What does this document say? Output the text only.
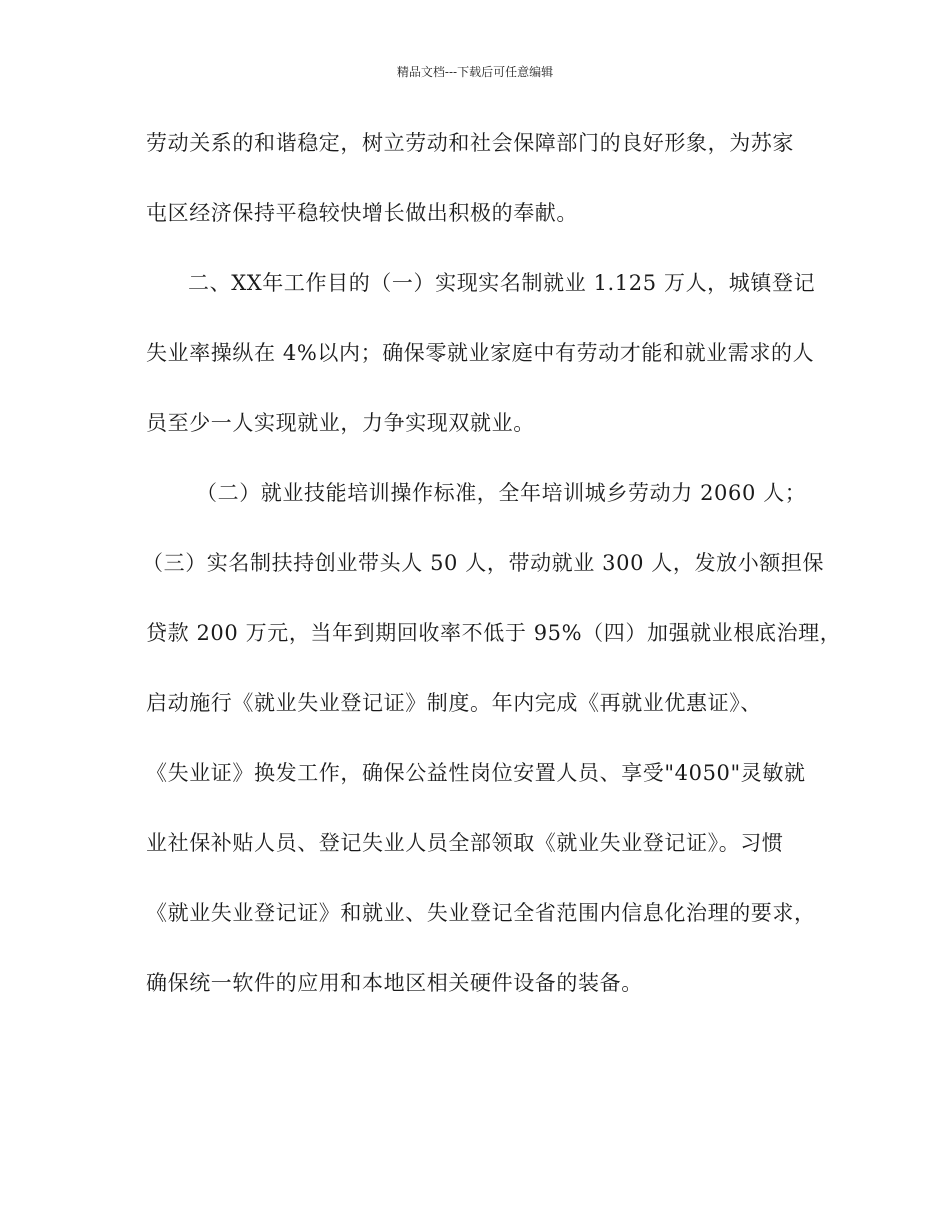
精品文档---下载后可任意编辑
劳动关系的和谐稳定，树立劳动和社会保障部门的良好形象，为苏家
屯区经济保持平稳较快增长做出积极的奉献。
二、XX年工作目的（一）实现实名制就业 1.125 万人，城镇登记
失业率操纵在 4%以内；确保零就业家庭中有劳动才能和就业需求的人
员至少一人实现就业，力争实现双就业。
（二）就业技能培训操作标准，全年培训城乡劳动力 2060 人；
（三）实名制扶持创业带头人 50 人，带动就业 300 人，发放小额担保
贷款 200 万元，当年到期回收率不低于 95%（四）加强就业根底治理，
启动施行《就业失业登记证》制度。年内完成《再就业优惠证》、
《失业证》换发工作，确保公益性岗位安置人员、享受"4050"灵敏就
业社保补贴人员、登记失业人员全部领取《就业失业登记证》。习惯
《就业失业登记证》和就业、失业登记全省范围内信息化治理的要求，
确保统一软件的应用和本地区相关硬件设备的装备。
